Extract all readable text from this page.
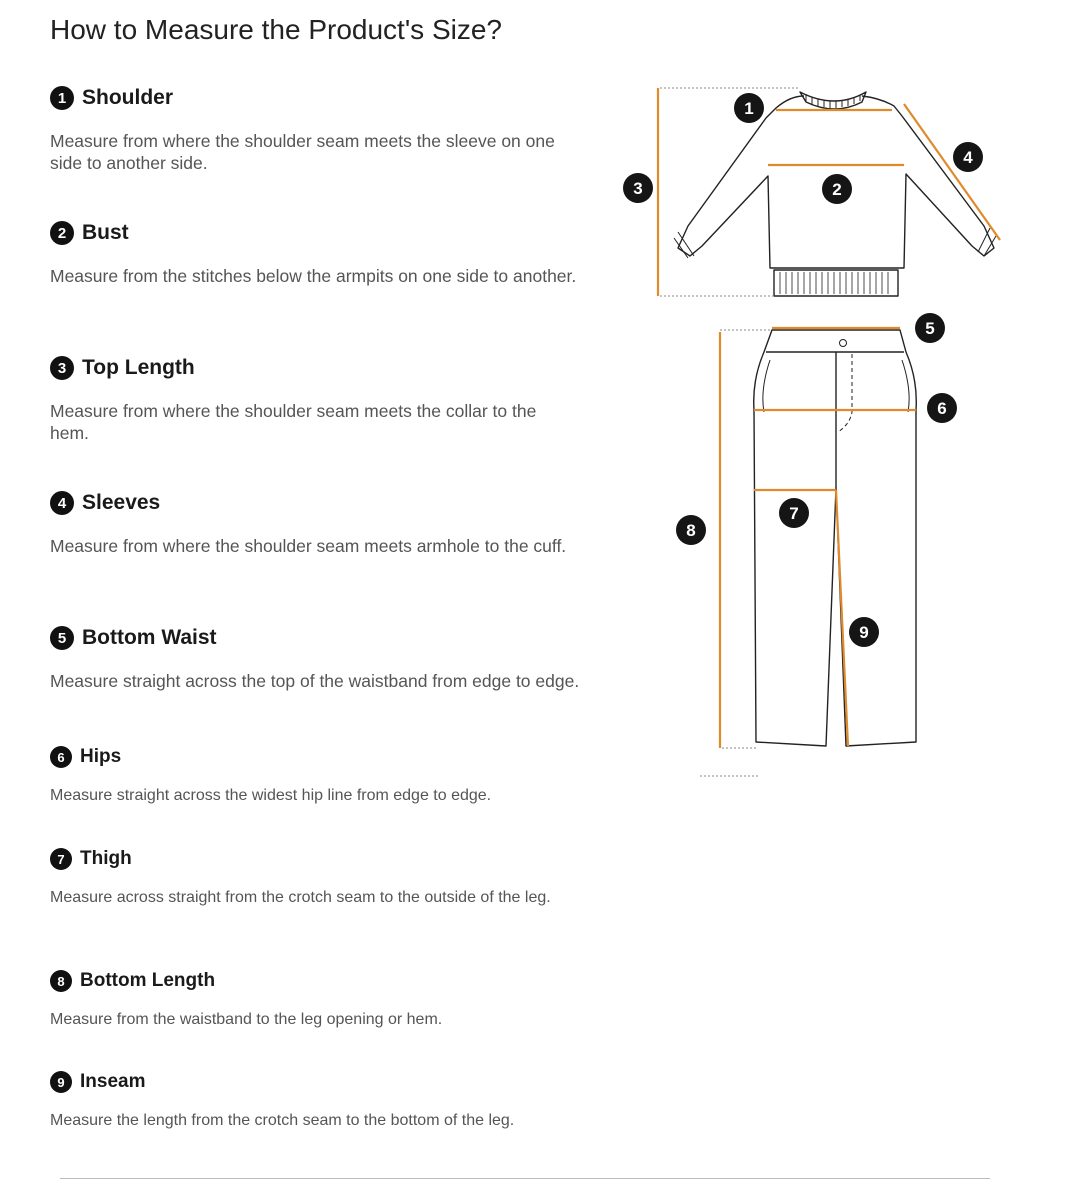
How to Measure the Product's Size?
1 Shoulder
Measure from where the shoulder seam meets the sleeve on one side to another side.
2 Bust
Measure from the stitches below the armpits on one side to another.
3 Top Length
Measure from where the shoulder seam meets the collar to the hem.
4 Sleeves
Measure from where the shoulder seam meets armhole to the cuff.
5 Bottom Waist
Measure straight across the top of the waistband from edge to edge.
6 Hips
Measure straight across the widest hip line from edge to edge.
7 Thigh
Measure across straight from the crotch seam to the outside of the leg.
8 Bottom Length
Measure from the waistband to the leg opening or hem.
9 Inseam
Measure the length from the crotch seam to the bottom of the leg.
1
2
3
4
5
6
7
8
9
